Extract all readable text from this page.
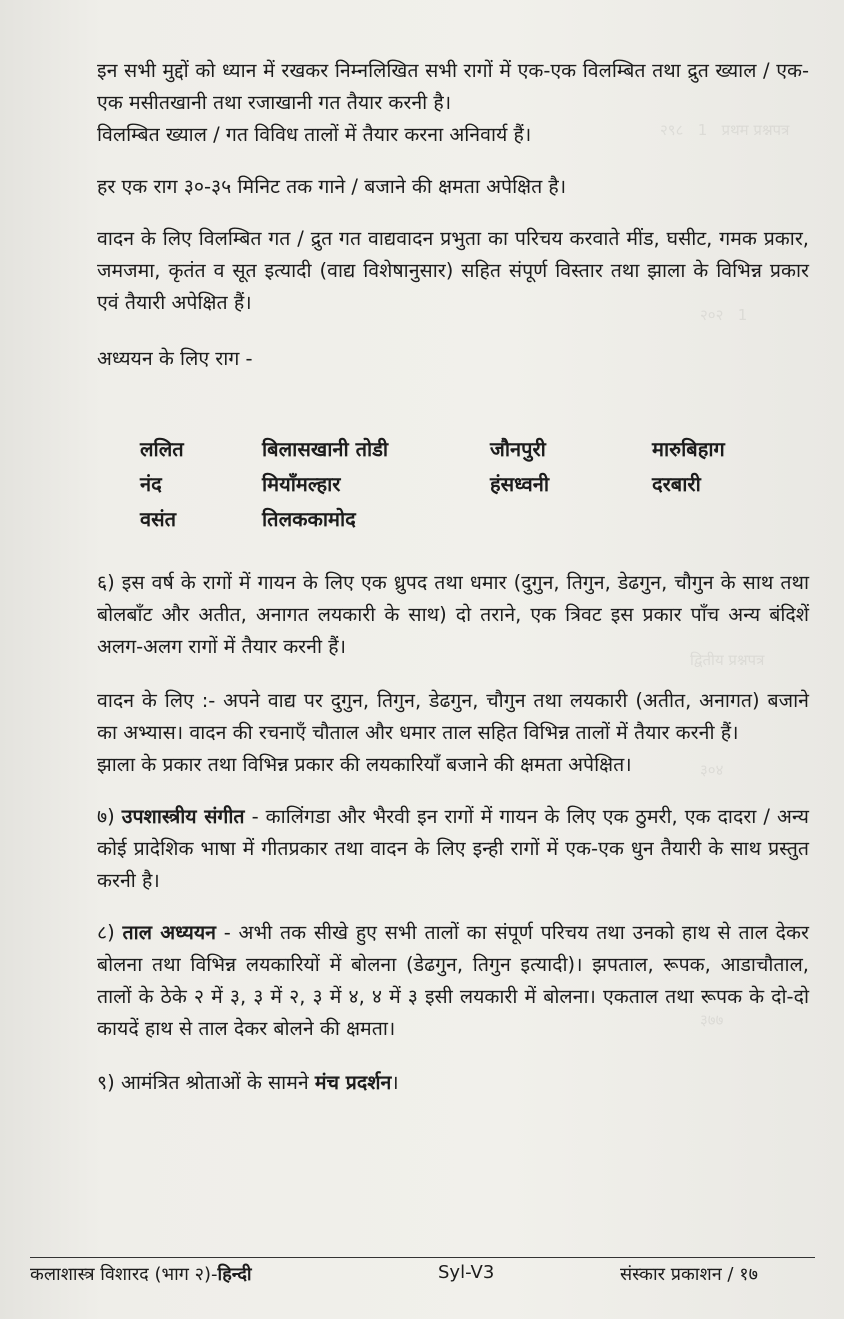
२९८   1   प्रथम प्रश्नपत्र
२०२   1
द्वितीय प्रश्नपत्र
३०४
३७७

इन सभी मुद्दों को ध्यान में रखकर निम्नलिखित सभी रागों में एक-एक विलम्बित तथा द्रुत ख्याल / एक-एक मसीतखानी तथा रजाखानी गत तैयार करनी है।

विलम्बित ख्याल / गत विविध तालों में तैयार करना अनिवार्य हैं।

हर एक राग ३०-३५ मिनिट तक गाने / बजाने की क्षमता अपेक्षित है।

वादन के लिए विलम्बित गत / द्रुत गत वाद्यवादन प्रभुता का परिचय करवाते मींड, घसीट, गमक प्रकार, जमजमा, कृतंत व सूत इत्यादी (वाद्य विशेषानुसार) सहित संपूर्ण विस्तार तथा झाला के विभिन्न प्रकार एवं तैयारी अपेक्षित हैं।

अध्ययन के लिए राग -

ललित	बिलासखानी तोडी	जौनपुरी	मारुबिहाग
नंद	मियाँमल्हार	हंसध्वनी	दरबारी
वसंत	तिलककामोद

६) इस वर्ष के रागों में गायन के लिए एक ध्रुपद तथा धमार (दुगुन, तिगुन, डेढगुन, चौगुन के साथ तथा बोलबाँट और अतीत, अनागत लयकारी के साथ) दो तराने, एक त्रिवट इस प्रकार पाँच अन्य बंदिशें अलग-अलग रागों में तैयार करनी हैं।

वादन के लिए :- अपने वाद्य पर दुगुन, तिगुन, डेढगुन, चौगुन तथा लयकारी (अतीत, अनागत) बजाने का अभ्यास। वादन की रचनाएँ चौताल और धमार ताल सहित विभिन्न तालों में तैयार करनी हैं।

झाला के प्रकार तथा विभिन्न प्रकार की लयकारियाँ बजाने की क्षमता अपेक्षित।

७) उपशास्त्रीय संगीत - कालिंगडा और भैरवी इन रागों में गायन के लिए एक ठुमरी, एक दादरा / अन्य कोई प्रादेशिक भाषा में गीतप्रकार तथा वादन के लिए इन्ही रागों में एक-एक धुन तैयारी के साथ प्रस्तुत करनी है।

८) ताल अध्ययन - अभी तक सीखे हुए सभी तालों का संपूर्ण परिचय तथा उनको हाथ से ताल देकर बोलना तथा विभिन्न लयकारियों में बोलना (डेढगुन, तिगुन इत्यादी)। झपताल, रूपक, आडाचौताल, तालों के ठेके २ में ३, ३ में २, ३ में ४, ४ में ३ इसी लयकारी में बोलना। एकताल तथा रूपक के दो-दो कायदें हाथ से ताल देकर बोलने की क्षमता।

९) आमंत्रित श्रोताओं के सामने मंच प्रदर्शन।

कलाशास्त्र विशारद (भाग २)-हिन्दी	Syl-V3	संस्कार प्रकाशन / १७
